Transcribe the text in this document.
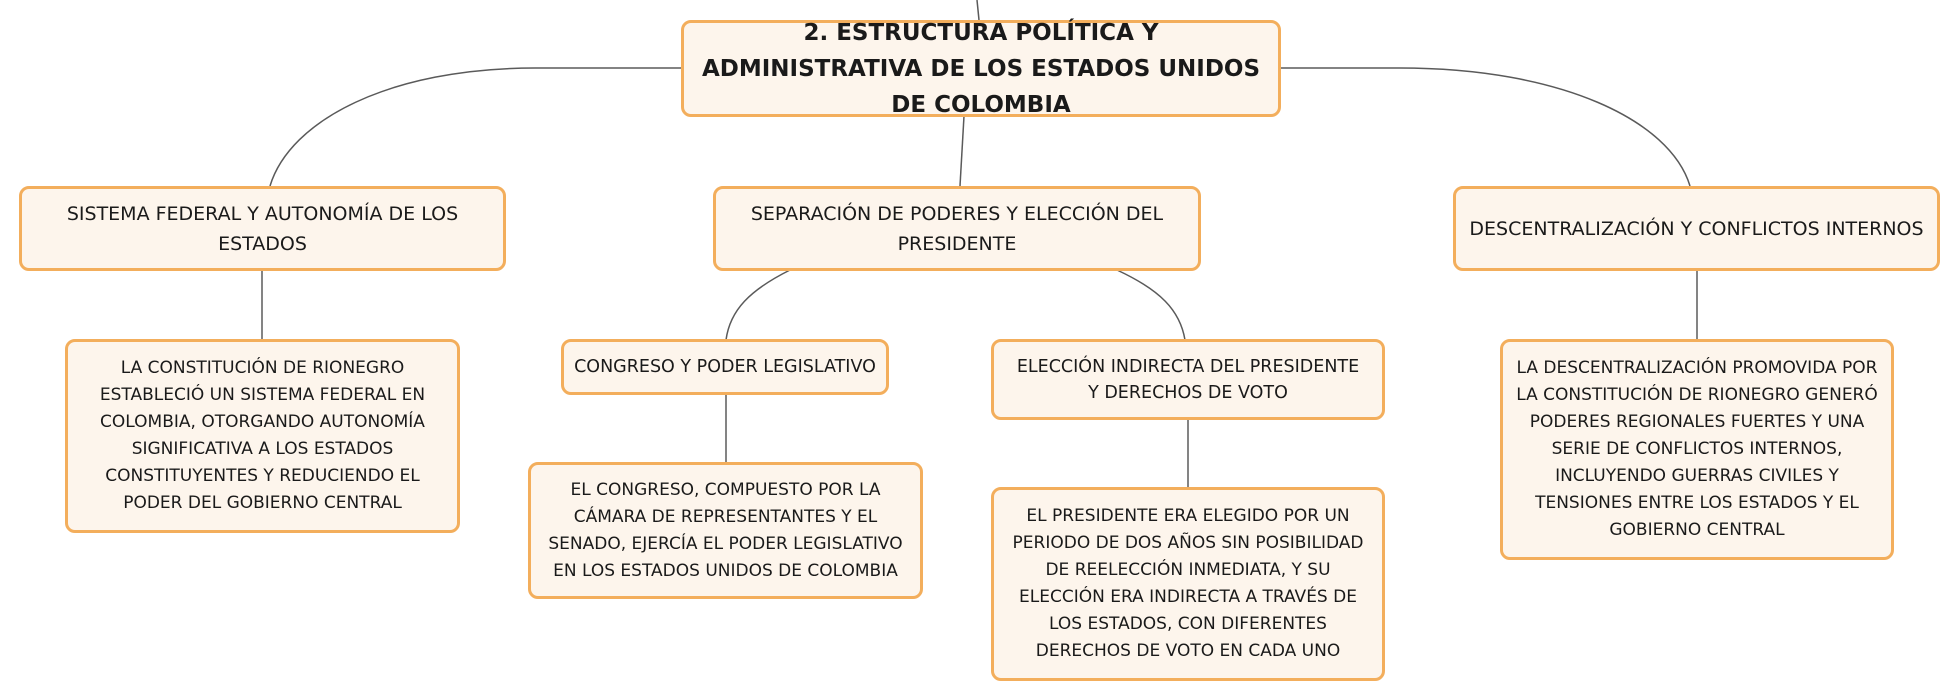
2. ESTRUCTURA POLÍTICA Y ADMINISTRATIVA DE LOS ESTADOS UNIDOS DE COLOMBIA
SISTEMA FEDERAL Y AUTONOMÍA DE LOS ESTADOS
SEPARACIÓN DE PODERES Y ELECCIÓN DEL PRESIDENTE
DESCENTRALIZACIÓN Y CONFLICTOS INTERNOS
LA CONSTITUCIÓN DE RIONEGRO ESTABLECIÓ UN SISTEMA FEDERAL EN COLOMBIA, OTORGANDO AUTONOMÍA SIGNIFICATIVA A LOS ESTADOS CONSTITUYENTES Y REDUCIENDO EL PODER DEL GOBIERNO CENTRAL
CONGRESO Y PODER LEGISLATIVO	ELECCIÓN INDIRECTA DEL PRESIDENTE Y DERECHOS DE VOTO
EL CONGRESO, COMPUESTO POR LA CÁMARA DE REPRESENTANTES Y EL SENADO, EJERCÍA EL PODER LEGISLATIVO EN LOS ESTADOS UNIDOS DE COLOMBIA
EL PRESIDENTE ERA ELEGIDO POR UN PERIODO DE DOS AÑOS SIN POSIBILIDAD DE REELECCIÓN INMEDIATA, Y SU ELECCIÓN ERA INDIRECTA A TRAVÉS DE LOS ESTADOS, CON DIFERENTES DERECHOS DE VOTO EN CADA UNO
LA DESCENTRALIZACIÓN PROMOVIDA POR LA CONSTITUCIÓN DE RIONEGRO GENERÓ PODERES REGIONALES FUERTES Y UNA SERIE DE CONFLICTOS INTERNOS, INCLUYENDO GUERRAS CIVILES Y TENSIONES ENTRE LOS ESTADOS Y EL GOBIERNO CENTRAL
